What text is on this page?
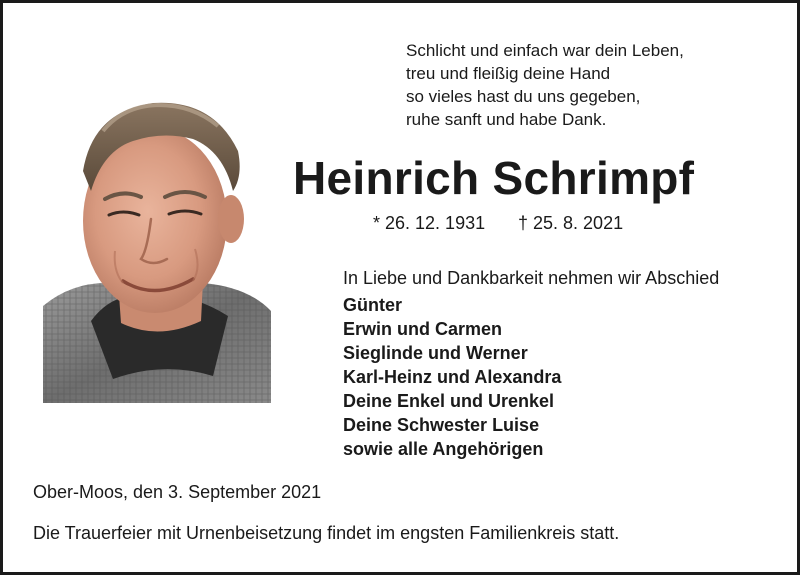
Schlicht und einfach war dein Leben,
treu und fleißig deine Hand
so vieles hast du uns gegeben,
ruhe sanft und habe Dank.
Heinrich Schrimpf
* 26. 12. 1931 † 25. 8. 2021
In Liebe und Dankbarkeit nehmen wir Abschied
Günter
Erwin und Carmen
Sieglinde und Werner
Karl-Heinz und Alexandra
Deine Enkel und Urenkel
Deine Schwester Luise
sowie alle Angehörigen
Ober-Moos, den 3. September 2021
Die Trauerfeier mit Urnenbeisetzung findet im engsten Familienkreis statt.
